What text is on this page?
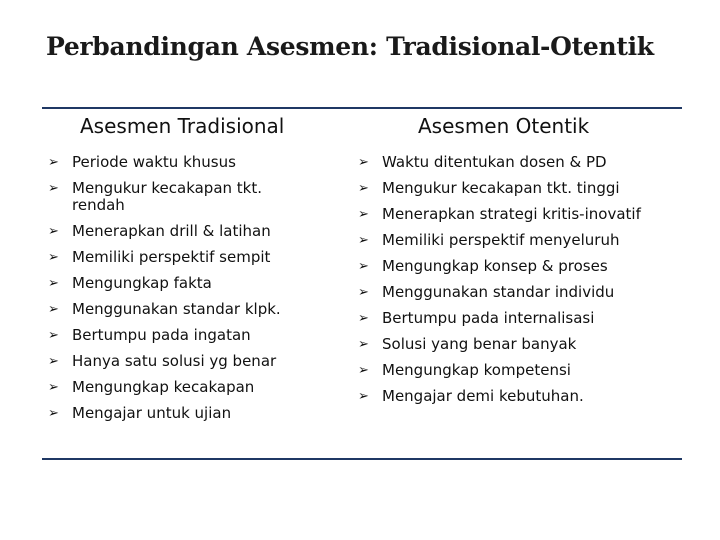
Perbandingan Asesmen: Tradisional-Otentik
Asesmen Tradisional	Asesmen Otentik
➢ Periode waktu khusus
➢ Mengukur kecakapan tkt. rendah
➢ Menerapkan drill & latihan
➢ Memiliki perspektif sempit
➢ Mengungkap fakta
➢ Menggunakan standar klpk.
➢ Bertumpu pada ingatan
➢ Hanya satu solusi yg benar
➢ Mengungkap kecakapan
➢ Mengajar untuk ujian
➢ Waktu ditentukan dosen & PD
➢ Mengukur kecakapan tkt. tinggi
➢ Menerapkan strategi kritis-inovatif
➢ Memiliki perspektif menyeluruh
➢ Mengungkap konsep & proses
➢ Menggunakan standar individu
➢ Bertumpu pada internalisasi
➢ Solusi yang benar banyak
➢ Mengungkap kompetensi
➢ Mengajar demi kebutuhan.
